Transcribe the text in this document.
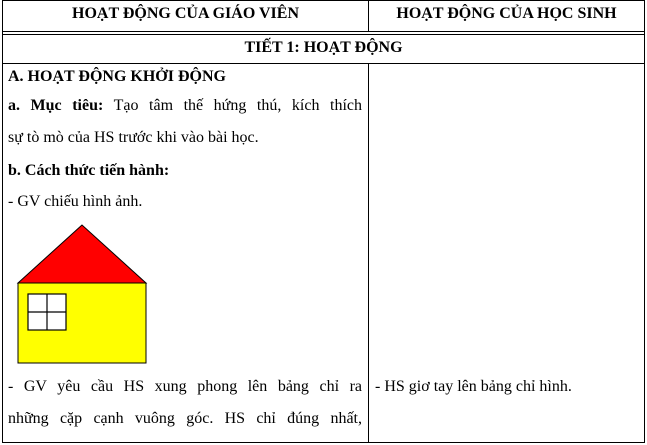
HOẠT ĐỘNG CỦA GIÁO VIÊN	HOẠT ĐỘNG CỦA HỌC SINH
TIẾT 1: HOẠT ĐỘNG
A. HOẠT ĐỘNG KHỞI ĐỘNG
a. Mục tiêu: Tạo tâm thế hứng thú, kích thích
sự tò mò của HS trước khi vào bài học.
b. Cách thức tiến hành:
- GV chiếu hình ảnh.
- GV yêu cầu HS xung phong lên bảng chỉ ra
những cặp cạnh vuông góc. HS chỉ đúng nhất,
- HS giơ tay lên bảng chỉ hình.
